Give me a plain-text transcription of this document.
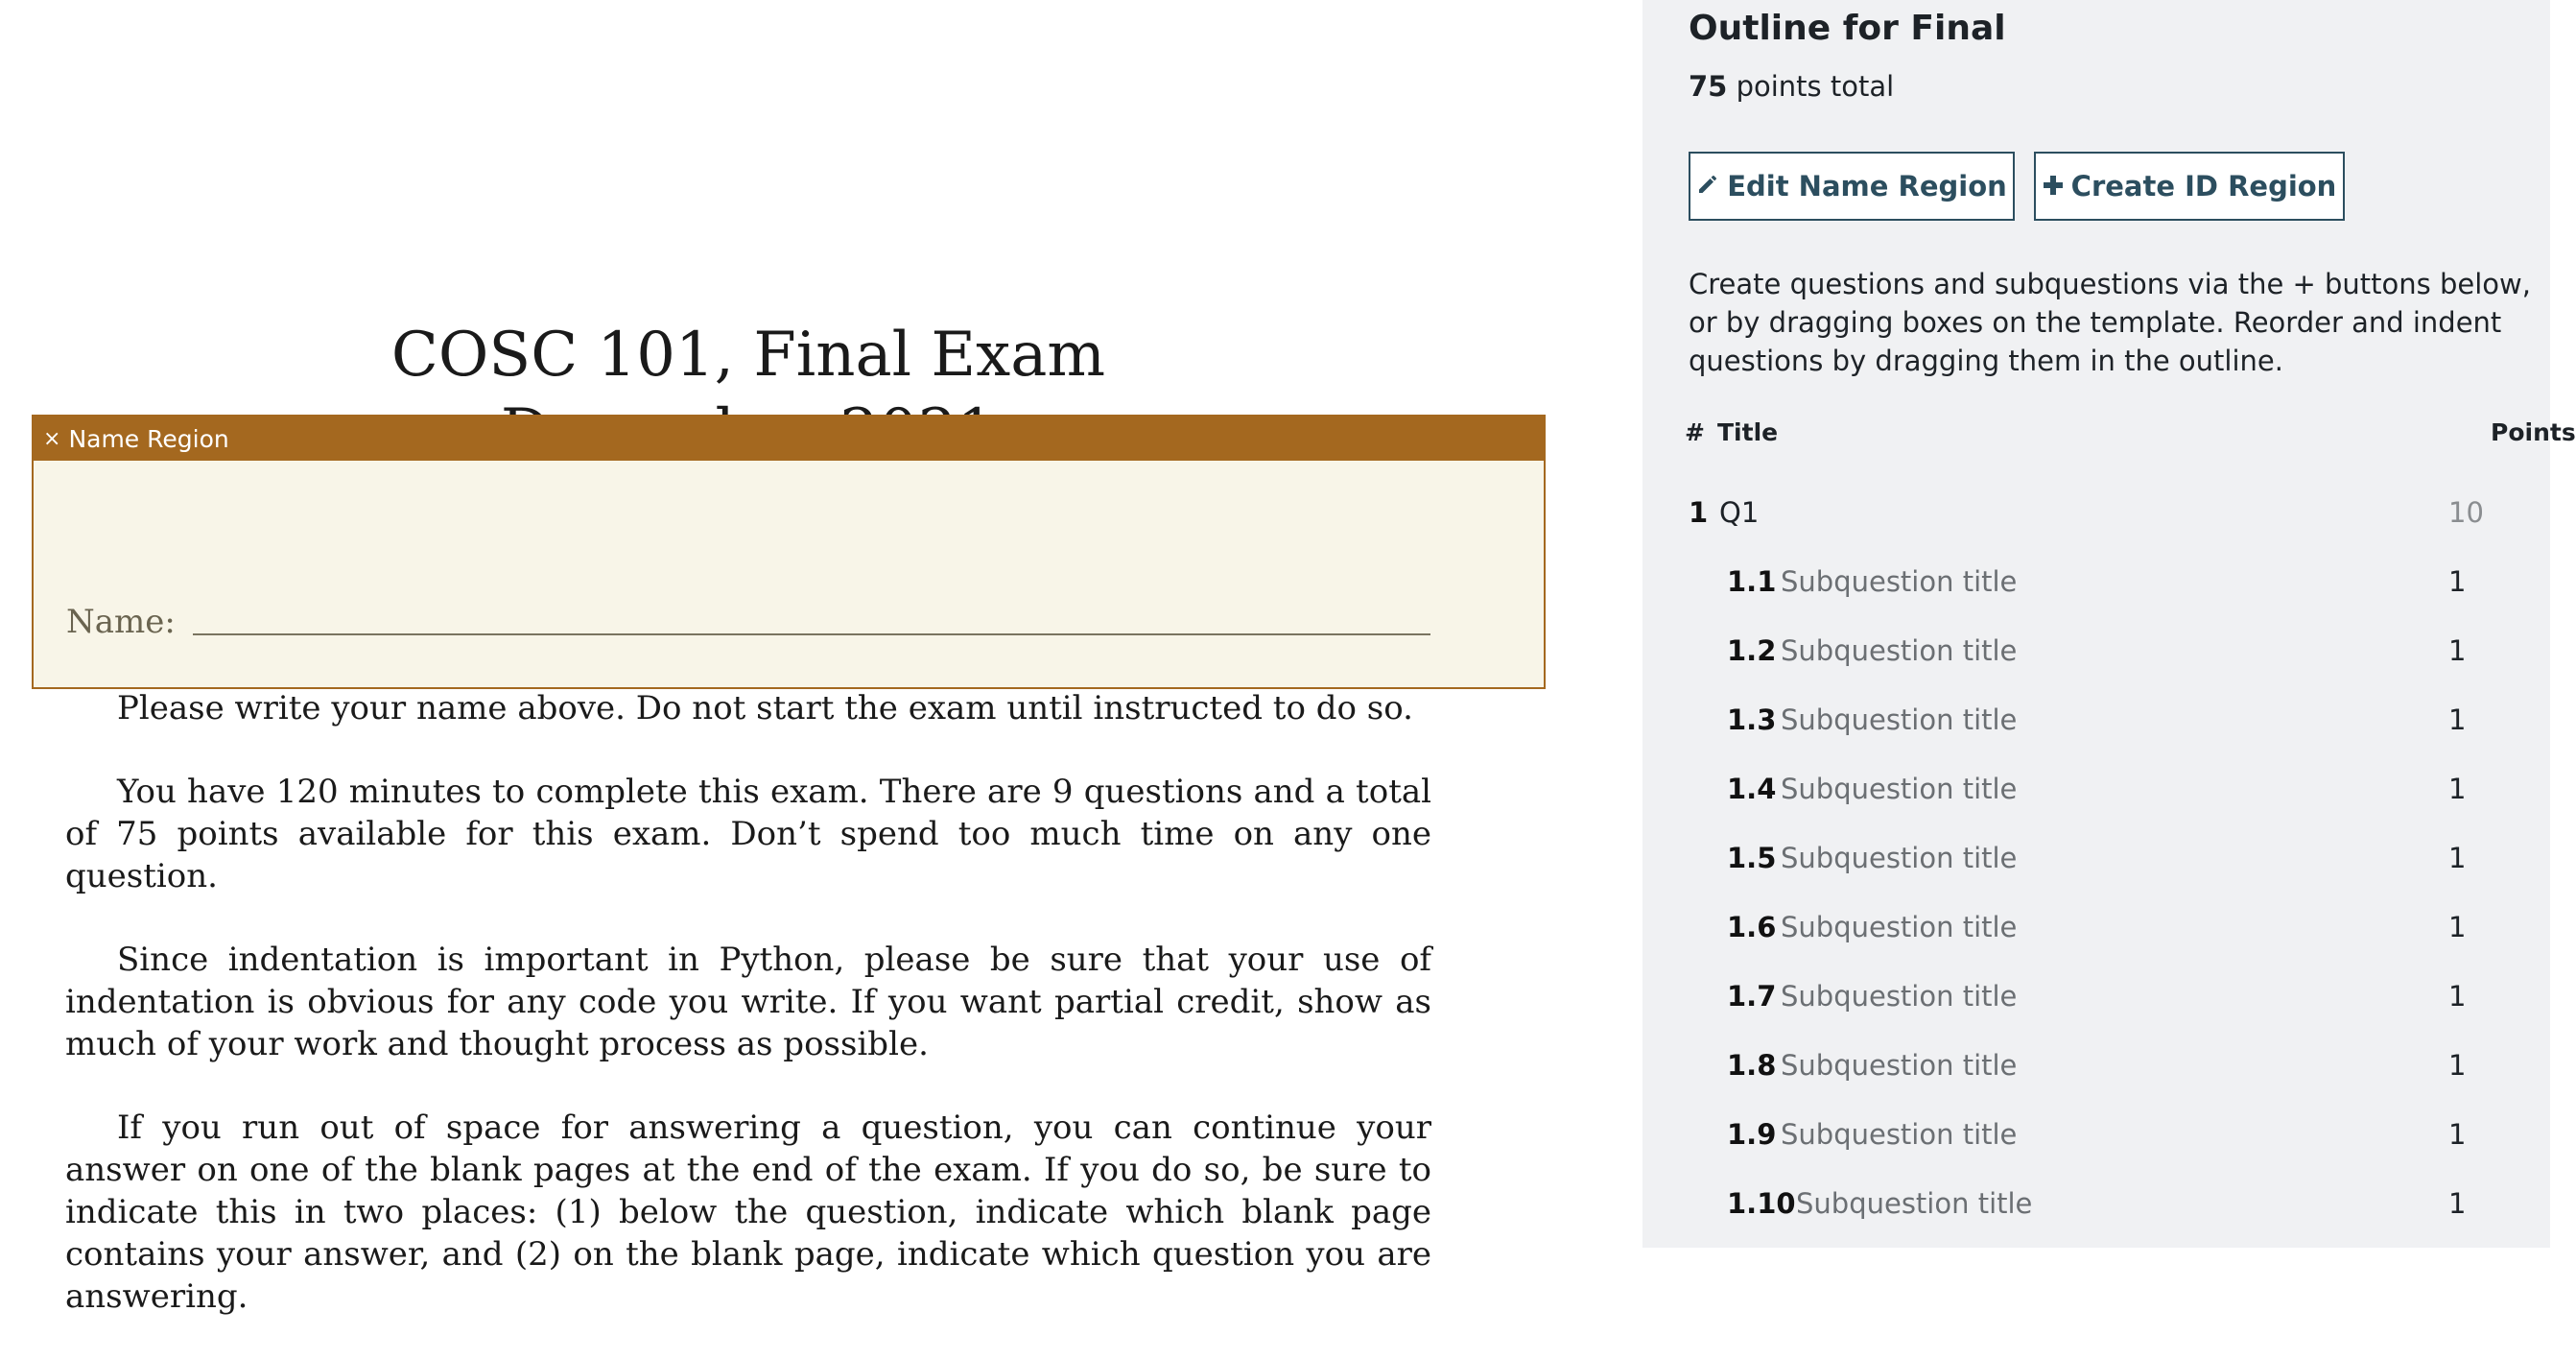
COSC 101, Final Exam

Please write your name above. Do not start the exam until instructed to do so.

You have 120 minutes to complete this exam. There are 9 questions and a total of 75 points available for this exam. Don’t spend too much time on any one question.

Since indentation is important in Python, please be sure that your use of indentation is obvious for any code you write. If you want partial credit, show as much of your work and thought process as possible.

If you run out of space for answering a question, you can continue your answer on one of the blank pages at the end of the exam. If you do so, be sure to indicate this in two places: (1) below the question, indicate which blank page contains your answer, and (2) on the blank page, indicate which question you are answering.

× Name Region
Name:
Outline for Final
75 points total
Edit Name Region Create ID Region
Create questions and subquestions via the + buttons below, or by dragging boxes on the template. Reorder and indent questions by dragging them in the outline.
# Title	Points
1 Q1	10
1.1 Subquestion title	1
1.2 Subquestion title	1
1.3 Subquestion title	1
1.4 Subquestion title	1
1.5 Subquestion title	1
1.6 Subquestion title	1
1.7 Subquestion title	1
1.8 Subquestion title	1
1.9 Subquestion title	1
1.10 Subquestion title	1
